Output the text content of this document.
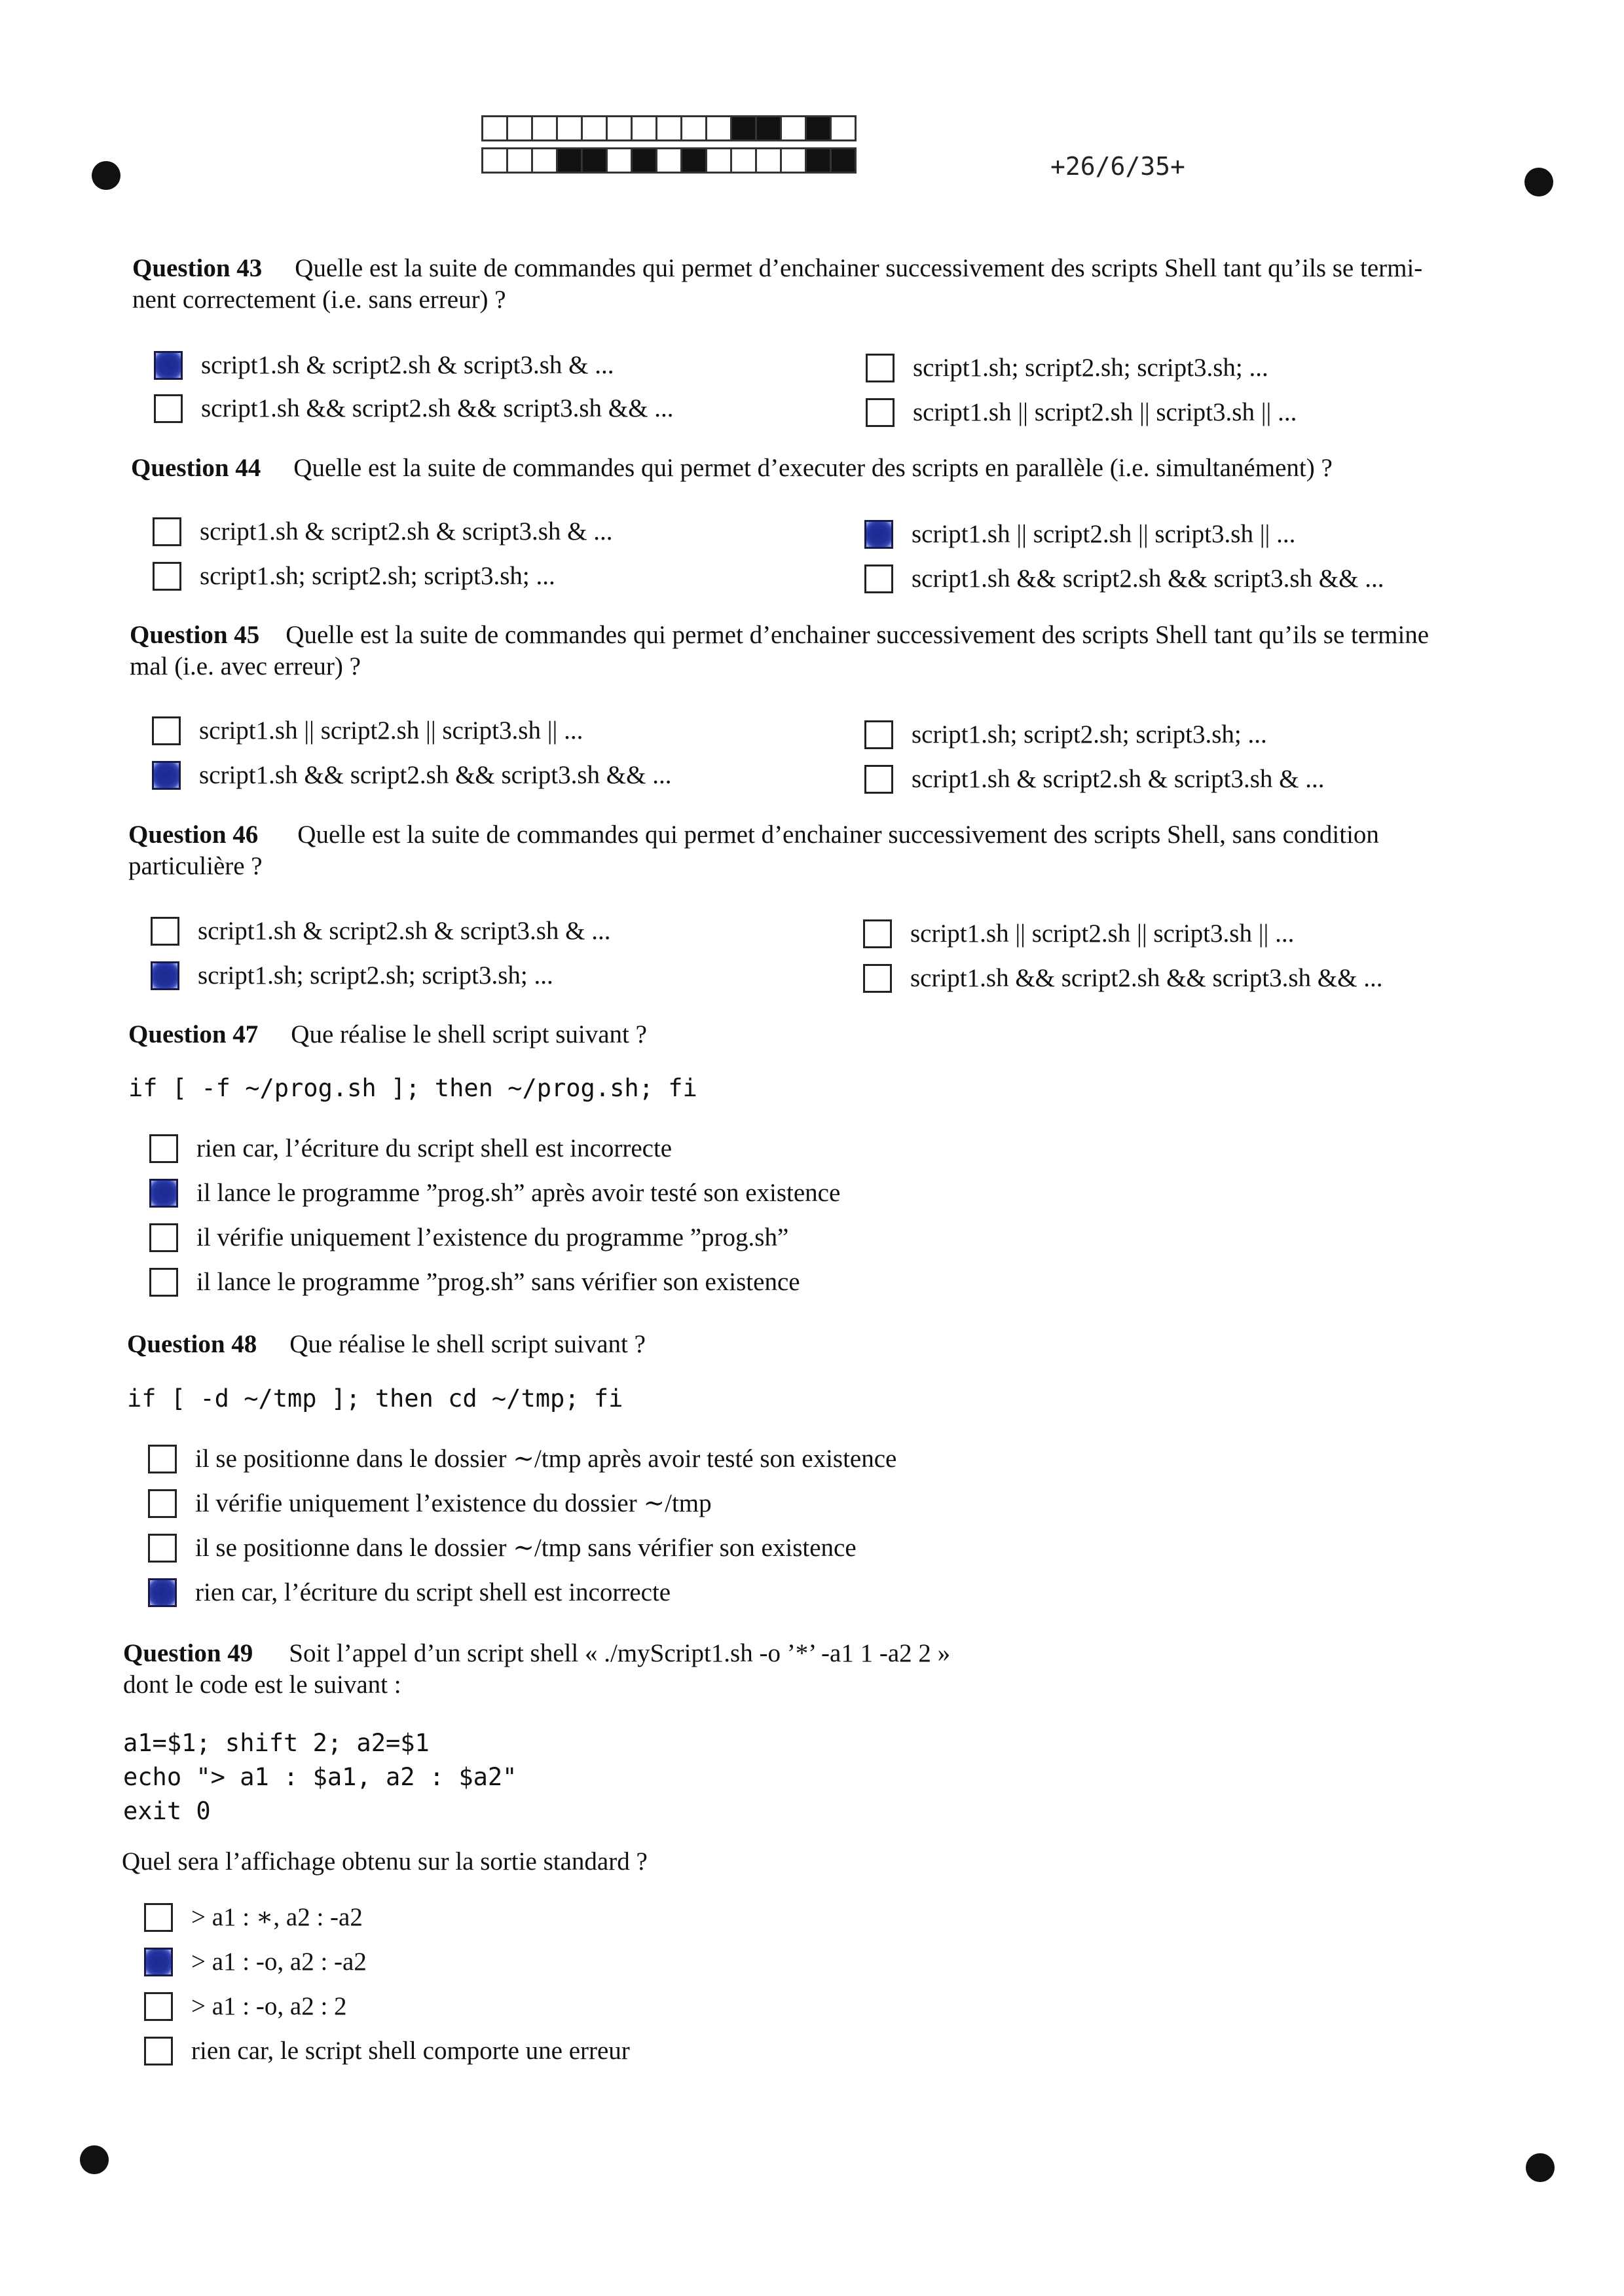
+26/6/35+
Question 43 Quelle est la suite de commandes qui permet d’enchainer successivement des scripts Shell tant qu’ils se termi-
nent correctement (i.e. sans erreur) ?
script1.sh & script2.sh & script3.sh & ...
script1.sh && script2.sh && script3.sh && ...
script1.sh; script2.sh; script3.sh; ...
script1.sh || script2.sh || script3.sh || ...
Question 44 Quelle est la suite de commandes qui permet d’executer des scripts en parallèle (i.e. simultanément) ?
script1.sh & script2.sh & script3.sh & ...
script1.sh; script2.sh; script3.sh; ...
script1.sh || script2.sh || script3.sh || ...
script1.sh && script2.sh && script3.sh && ...
Question 45 Quelle est la suite de commandes qui permet d’enchainer successivement des scripts Shell tant qu’ils se termine
mal (i.e. avec erreur) ?
script1.sh || script2.sh || script3.sh || ...
script1.sh && script2.sh && script3.sh && ...
script1.sh; script2.sh; script3.sh; ...
script1.sh & script2.sh & script3.sh & ...
Question 46 Quelle est la suite de commandes qui permet d’enchainer successivement des scripts Shell, sans condition
particulière ?
script1.sh & script2.sh & script3.sh & ...
script1.sh; script2.sh; script3.sh; ...
script1.sh || script2.sh || script3.sh || ...
script1.sh && script2.sh && script3.sh && ...
Question 47 Que réalise le shell script suivant ?
if [ -f ~/prog.sh ]; then ~/prog.sh; fi
rien car, l’écriture du script shell est incorrecte
il lance le programme ”prog.sh” après avoir testé son existence
il vérifie uniquement l’existence du programme ”prog.sh”
il lance le programme ”prog.sh” sans vérifier son existence
Question 48 Que réalise le shell script suivant ?
if [ -d ~/tmp ]; then cd ~/tmp; fi
il se positionne dans le dossier ∼/tmp après avoir testé son existence
il vérifie uniquement l’existence du dossier ∼/tmp
il se positionne dans le dossier ∼/tmp sans vérifier son existence
rien car, l’écriture du script shell est incorrecte
Question 49 Soit l’appel d’un script shell « ./myScript1.sh -o ’*’ -a1 1 -a2 2 »
dont le code est le suivant :
a1=$1; shift 2; a2=$1
echo "> a1 : $a1, a2 : $a2"
exit 0
Quel sera l’affichage obtenu sur la sortie standard ?
> a1 : ∗, a2 : -a2
> a1 : -o, a2 : -a2
> a1 : -o, a2 : 2
rien car, le script shell comporte une erreur
